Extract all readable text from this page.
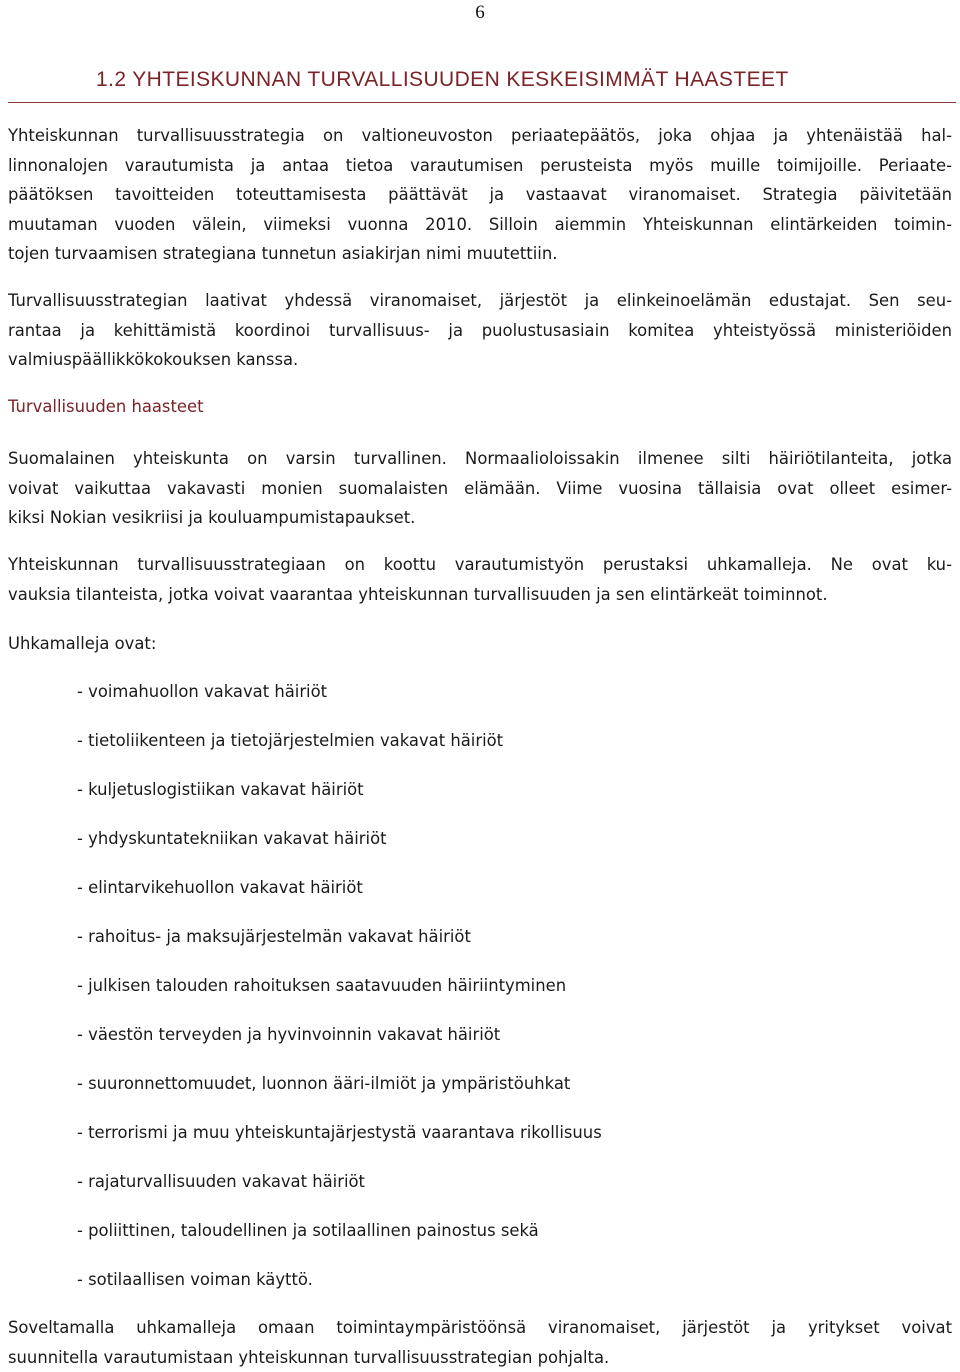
6
1.2 YHTEISKUNNAN TURVALLISUUDEN KESKEISIMMÄT HAASTEET

Yhteiskunnan turvallisuusstrategia on valtioneuvoston periaatepäätös, joka ohjaa ja yhtenäistää hal-
linnonalojen varautumista ja antaa tietoa varautumisen perusteista myös muille toimijoille. Periaate-
päätöksen tavoitteiden toteuttamisesta päättävät ja vastaavat viranomaiset. Strategia päivitetään
muutaman vuoden välein, viimeksi vuonna 2010. Silloin aiemmin Yhteiskunnan elintärkeiden toimin-
tojen turvaamisen strategiana tunnetun asiakirjan nimi muutettiin.

Turvallisuusstrategian laativat yhdessä viranomaiset, järjestöt ja elinkeinoelämän edustajat. Sen seu-
rantaa ja kehittämistä koordinoi turvallisuus- ja puolustusasiain komitea yhteistyössä ministeriöiden
valmiuspäällikkökokouksen kanssa.

Turvallisuuden haasteet

Suomalainen yhteiskunta on varsin turvallinen. Normaalioloissakin ilmenee silti häiriötilanteita, jotka
voivat vaikuttaa vakavasti monien suomalaisten elämään. Viime vuosina tällaisia ovat olleet esimer-
kiksi Nokian vesikriisi ja kouluampumistapaukset.

Yhteiskunnan turvallisuusstrategiaan on koottu varautumistyön perustaksi uhkamalleja. Ne ovat ku-
vauksia tilanteista, jotka voivat vaarantaa yhteiskunnan turvallisuuden ja sen elintärkeät toiminnot.

Uhkamalleja ovat:

- voimahuollon vakavat häiriöt
- tietoliikenteen ja tietojärjestelmien vakavat häiriöt
- kuljetuslogistiikan vakavat häiriöt
- yhdyskuntatekniikan vakavat häiriöt
- elintarvikehuollon vakavat häiriöt
- rahoitus- ja maksujärjestelmän vakavat häiriöt
- julkisen talouden rahoituksen saatavuuden häiriintyminen
- väestön terveyden ja hyvinvoinnin vakavat häiriöt
- suuronnettomuudet, luonnon ääri-ilmiöt ja ympäristöuhkat
- terrorismi ja muu yhteiskuntajärjestystä vaarantava rikollisuus
- rajaturvallisuuden vakavat häiriöt
- poliittinen, taloudellinen ja sotilaallinen painostus sekä
- sotilaallisen voiman käyttö.

Soveltamalla uhkamalleja omaan toimintaympäristöönsä viranomaiset, järjestöt ja yritykset voivat
suunnitella varautumistaan yhteiskunnan turvallisuusstrategian pohjalta.
